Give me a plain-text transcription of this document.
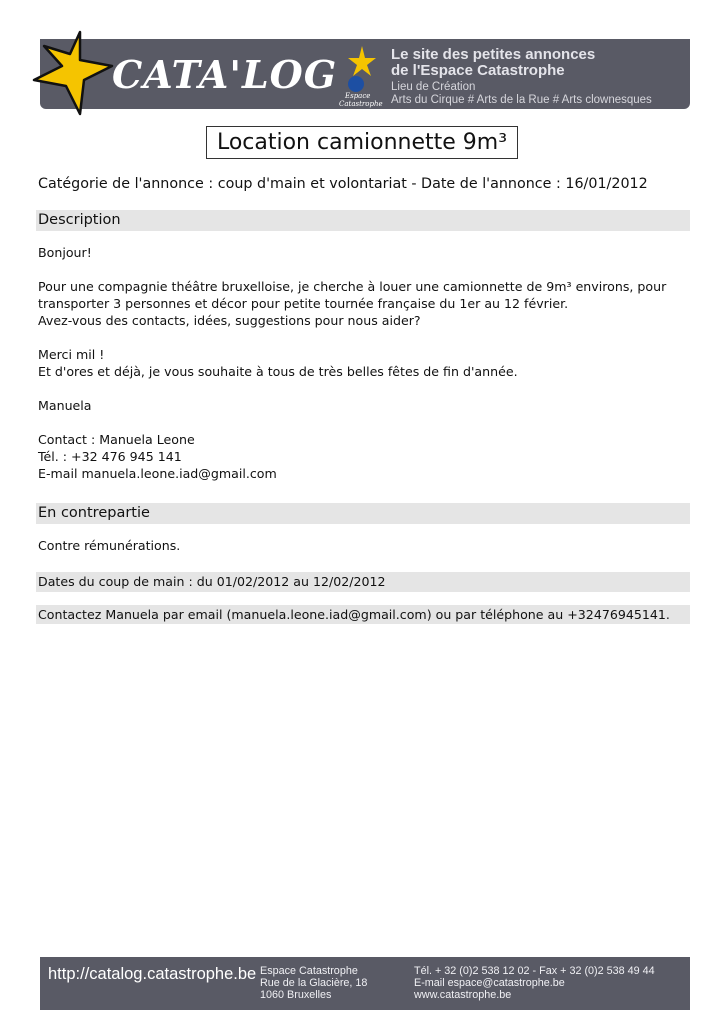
CATA'LOG	Espace
Catastrophe
Le site des petites annonces
de l'Espace Catastrophe
Lieu de Création
Arts du Cirque # Arts de la Rue # Arts clownesques
Location camionnette 9m³
Catégorie de l'annonce : coup d'main et volontariat - Date de l'annonce : 16/01/2012
Description

Bonjour!

Pour une compagnie théâtre bruxelloise, je cherche à louer une camionnette de 9m³ environs, pour

transporter 3 personnes et décor pour petite tournée française du 1er au 12 février.

Avez-vous des contacts, idées, suggestions pour nous aider?

Merci mil !

Et d'ores et déjà, je vous souhaite à tous de très belles fêtes de fin d'année.

Manuela

Contact : Manuela Leone

Tél. : +32 476 945 141

E-mail manuela.leone.iad@gmail.com

En contrepartie
Contre rémunérations.
Dates du coup de main : du 01/02/2012 au 12/02/2012
Contactez Manuela par email (manuela.leone.iad@gmail.com) ou par téléphone au +32476945141.
http://catalog.catastrophe.be Espace Catastrophe
Rue de la Glacière, 18
1060 Bruxelles
Tél. + 32 (0)2 538 12 02 - Fax + 32 (0)2 538 49 44
E-mail espace@catastrophe.be
www.catastrophe.be
